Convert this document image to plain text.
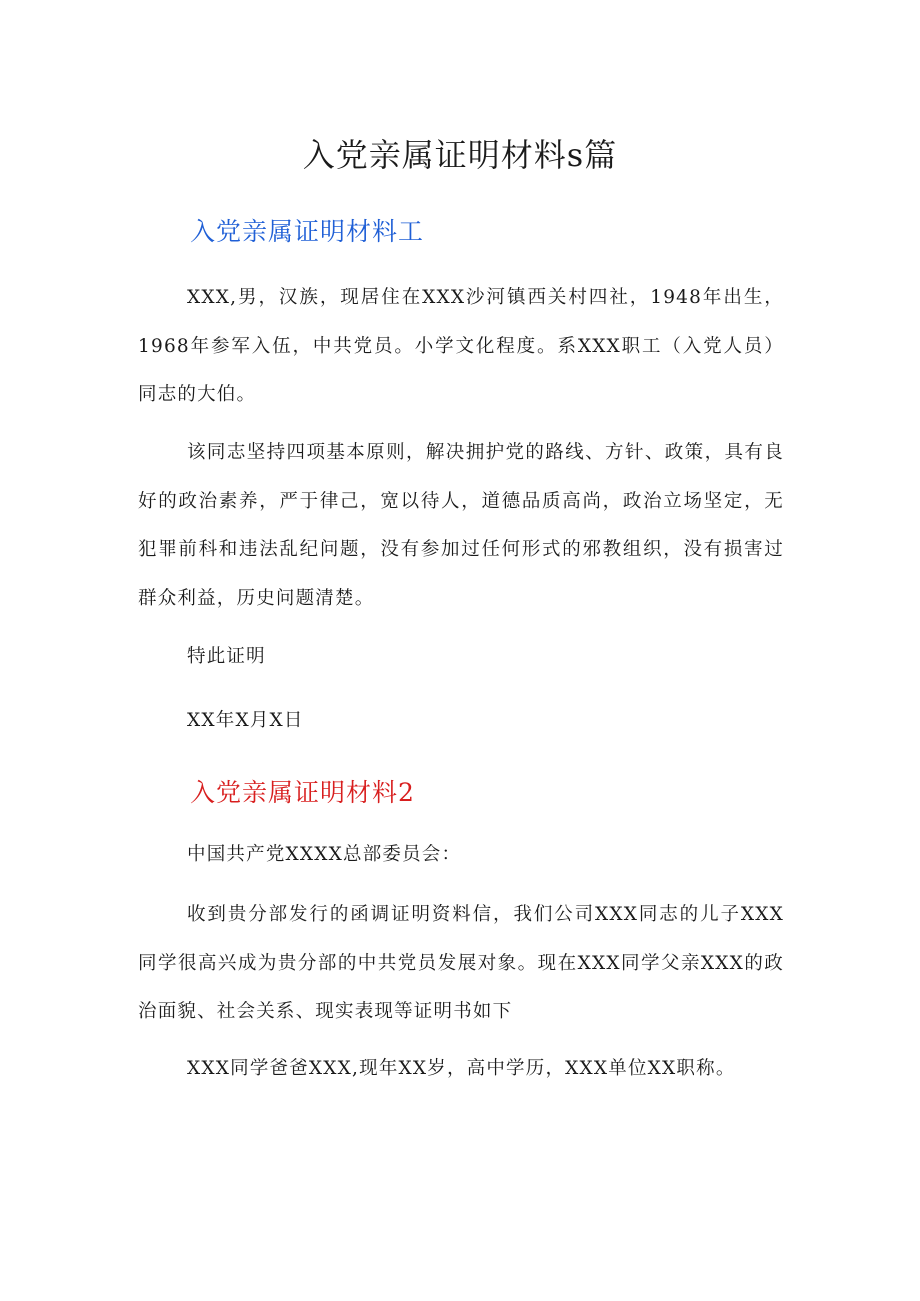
入党亲属证明材料s篇
入党亲属证明材料工

XXX,男，汉族，现居住在XXX沙河镇西关村四社，1948年出生，1968年参军入伍，中共党员。小学文化程度。系XXX职工（入党人员）同志的大伯。

该同志坚持四项基本原则，解决拥护党的路线、方针、政策，具有良好的政治素养，严于律己，宽以待人，道德品质高尚，政治立场坚定，无犯罪前科和违法乱纪问题，没有参加过任何形式的邪教组织，没有损害过群众利益，历史问题清楚。

特此证明

XX年X月X日

入党亲属证明材料2

中国共产党XXXX总部委员会：

收到贵分部发行的函调证明资料信，我们公司XXX同志的儿子XXX同学很高兴成为贵分部的中共党员发展对象。现在XXX同学父亲XXX的政治面貌、社会关系、现实表现等证明书如下

XXX同学爸爸XXX,现年XX岁，高中学历，XXX单位XX职称。
